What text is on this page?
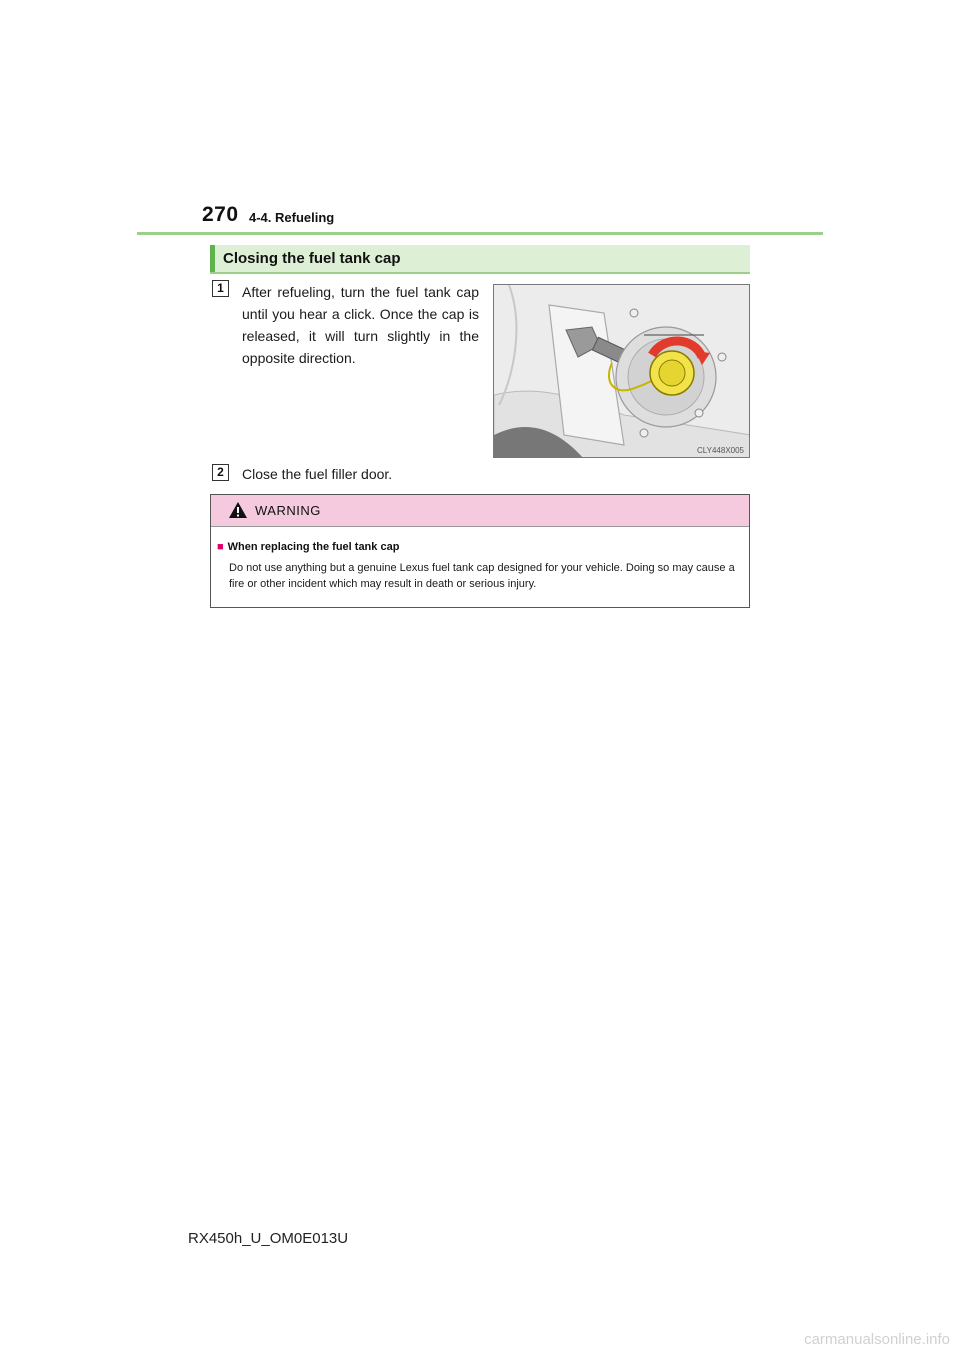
270 4-4. Refueling
Closing the fuel tank cap
1	After refueling, turn the fuel tank cap until you hear a click. Once the cap is released, it will turn slightly in the opposite direction.
CLY448X005
2	Close the fuel filler door.
WARNING
■ When replacing the fuel tank cap
Do not use anything but a genuine Lexus fuel tank cap designed for your vehicle. Doing so may cause a fire or other incident which may result in death or serious injury.
RX450h_U_OM0E013U
carmanualsonline.info
